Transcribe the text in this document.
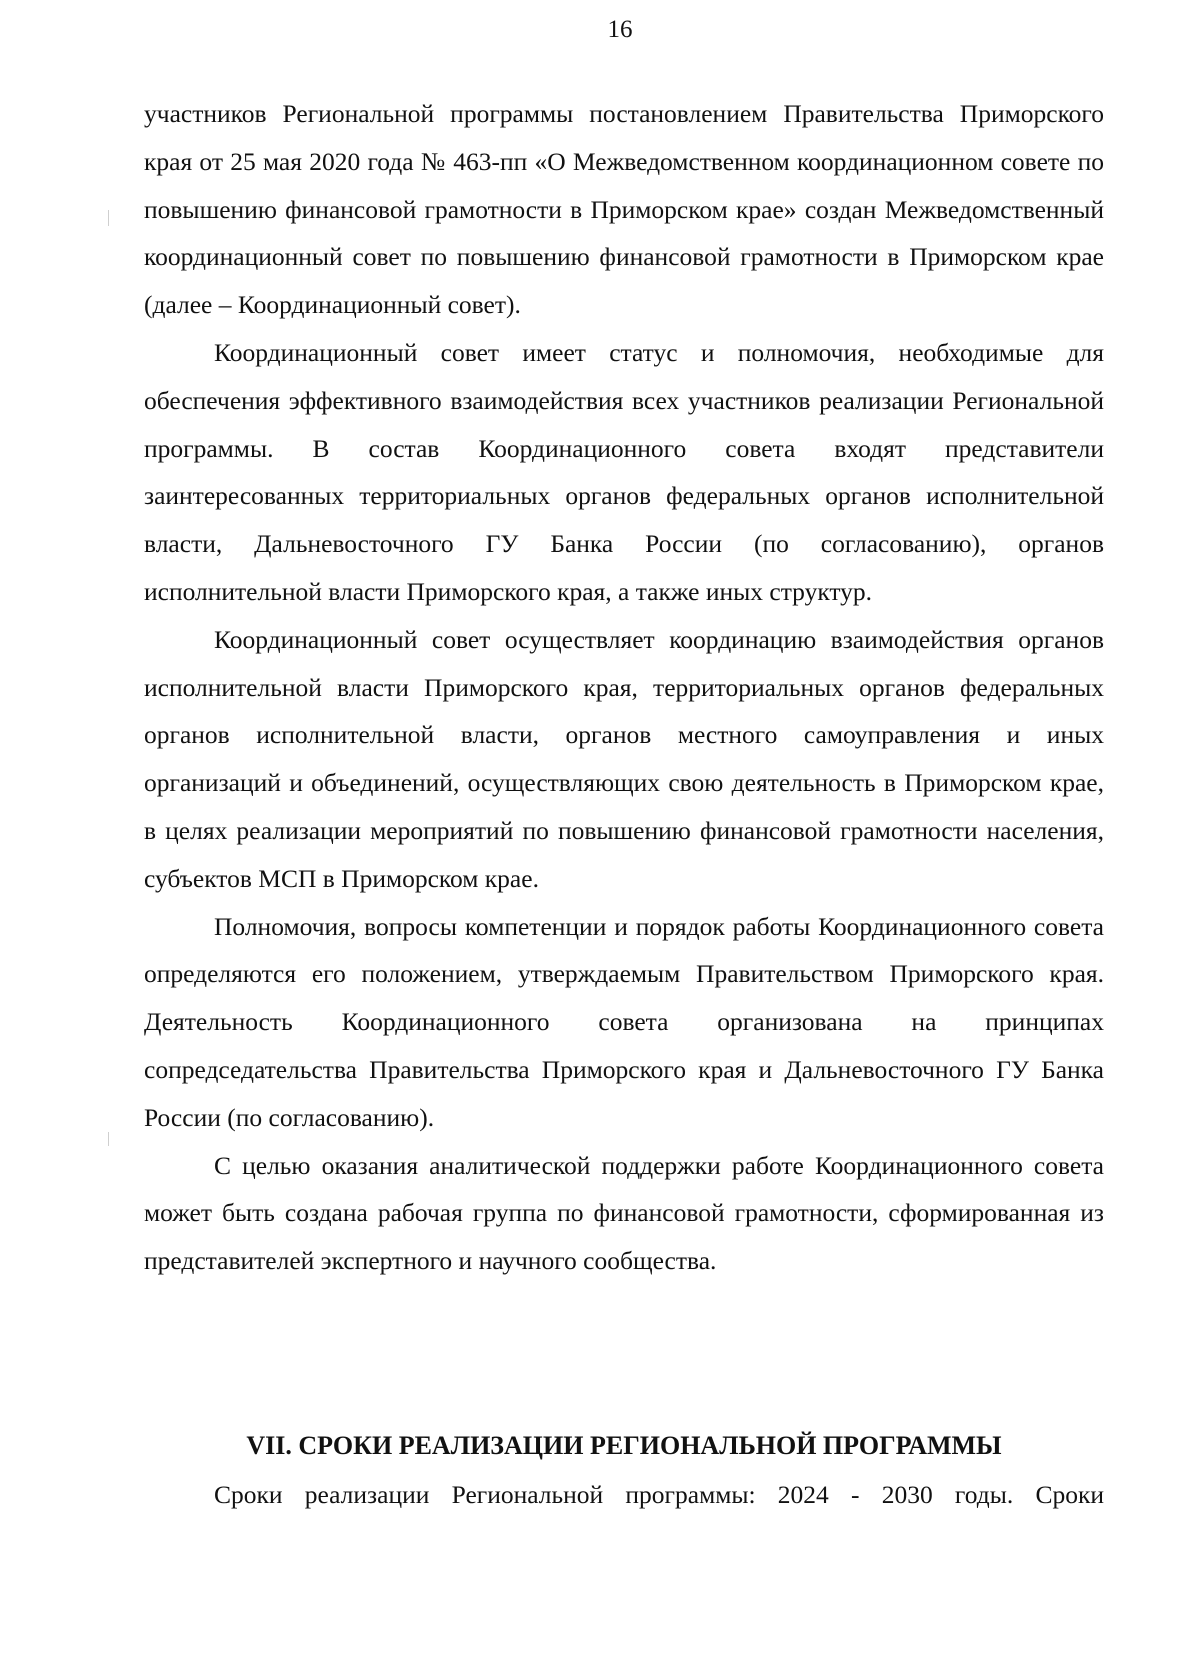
16

участников Региональной программы постановлением Правительства Приморского края от 25 мая 2020 года № 463-пп «О Межведомственном координационном совете по повышению финансовой грамотности в Приморском крае» создан Межведомственный координационный совет по повышению финансовой грамотности в Приморском крае (далее – Координационный совет).

Координационный совет имеет статус и полномочия, необходимые для обеспечения эффективного взаимодействия всех участников реализации Региональной программы. В состав Координационного совета входят представители заинтересованных территориальных органов федеральных органов исполнительной власти, Дальневосточного ГУ Банка России (по согласованию), органов исполнительной власти Приморского края, а также иных структур.

Координационный совет осуществляет координацию взаимодействия органов исполнительной власти Приморского края, территориальных органов федеральных органов исполнительной власти, органов местного самоуправления и иных организаций и объединений, осуществляющих свою деятельность в Приморском крае, в целях реализации мероприятий по повышению финансовой грамотности населения, субъектов МСП в Приморском крае.

Полномочия, вопросы компетенции и порядок работы Координационного совета определяются его положением, утверждаемым Правительством Приморского края. Деятельность Координационного совета организована на принципах сопредседательства Правительства Приморского края и Дальневосточного ГУ Банка России (по согласованию).

С целью оказания аналитической поддержки работе Координационного совета может быть создана рабочая группа по финансовой грамотности, сформированная из представителей экспертного и научного сообщества.

VII. СРОКИ РЕАЛИЗАЦИИ РЕГИОНАЛЬНОЙ ПРОГРАММЫ

Сроки реализации Региональной программы: 2024 - 2030 годы. Сроки
